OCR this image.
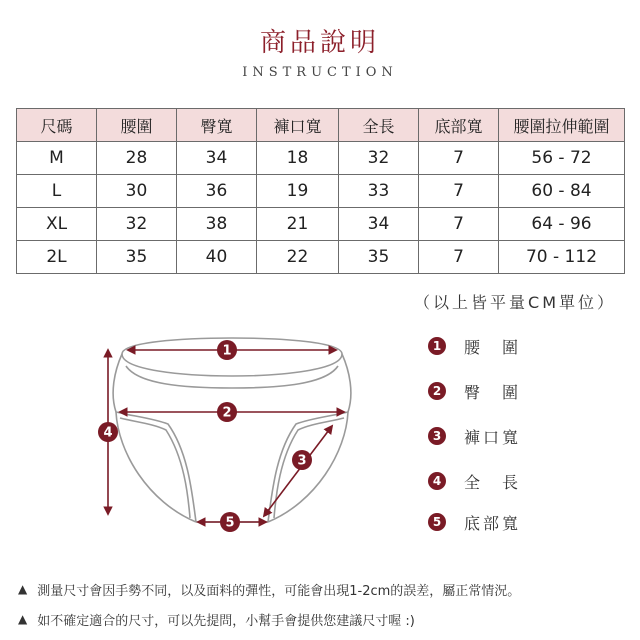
商品說明
INSTRUCTION
尺碼	腰圍	臀寬	褲口寬	全長	底部寬	腰圍拉伸範圍
M	28	34	18	32	7	56 - 72
L	30	36	19	33	7	60 - 84
XL	32	38	21	34	7	64 - 96
2L	35	40	22	35	7	70 - 112
（以上皆平量CM單位）
1
2
3
4
5
1	腰　圍
2	臀　圍
3	褲口寬
4	全　長
5	底部寬
▲ 測量尺寸會因手勢不同，以及面料的彈性，可能會出現1-2cm的誤差，屬正常情況。
▲ 如不確定適合的尺寸，可以先提問，小幫手會提供您建議尺寸喔 :)
